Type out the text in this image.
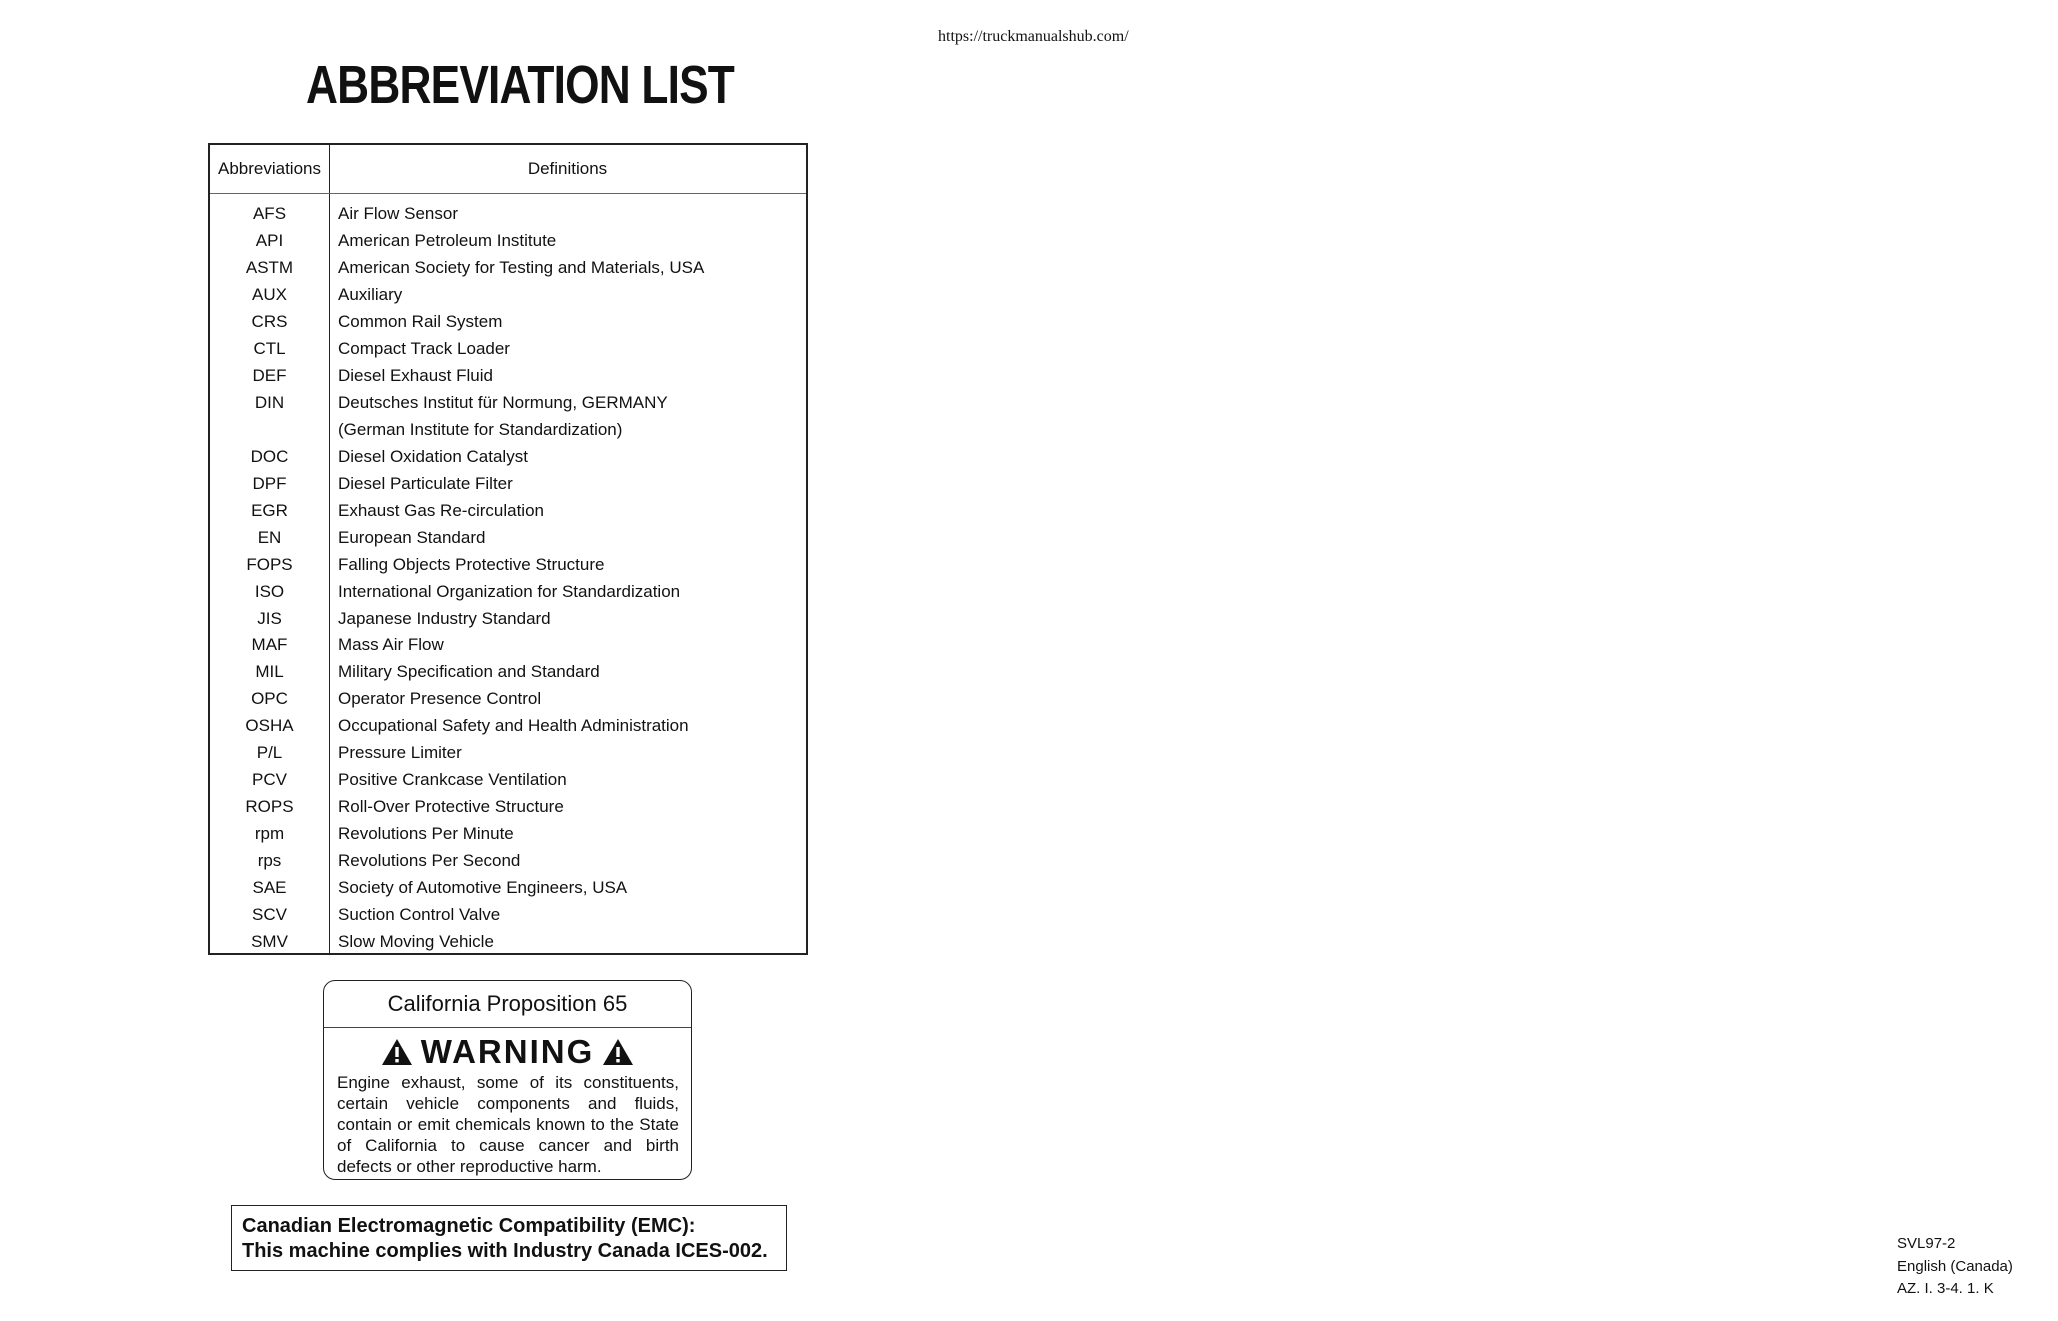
https://truckmanualshub.com/
ABBREVIATION LIST
Abbreviations	Definitions
AFS	Air Flow Sensor
API	American Petroleum Institute
ASTM	American Society for Testing and Materials, USA
AUX	Auxiliary
CRS	Common Rail System
CTL	Compact Track Loader
DEF	Diesel Exhaust Fluid
DIN	Deutsches Institut für Normung, GERMANY
(German Institute for Standardization)
DOC	Diesel Oxidation Catalyst
DPF	Diesel Particulate Filter
EGR	Exhaust Gas Re-circulation
EN	European Standard
FOPS	Falling Objects Protective Structure
ISO	International Organization for Standardization
JIS	Japanese Industry Standard
MAF	Mass Air Flow
MIL	Military Specification and Standard
OPC	Operator Presence Control
OSHA	Occupational Safety and Health Administration
P/L	Pressure Limiter
PCV	Positive Crankcase Ventilation
ROPS	Roll-Over Protective Structure
rpm	Revolutions Per Minute
rps	Revolutions Per Second
SAE	Society of Automotive Engineers, USA
SCV	Suction Control Valve
SMV	Slow Moving Vehicle
California Proposition 65
WARNING

Engine exhaust, some of its constituents, certain vehicle components and fluids, contain or emit chemicals known to the State of California to cause cancer and birth defects or other reproductive harm.

Canadian Electromagnetic Compatibility (EMC):
This machine complies with Industry Canada ICES-002.	SVL97-2
English (Canada)
AZ. I. 3-4. 1. K
